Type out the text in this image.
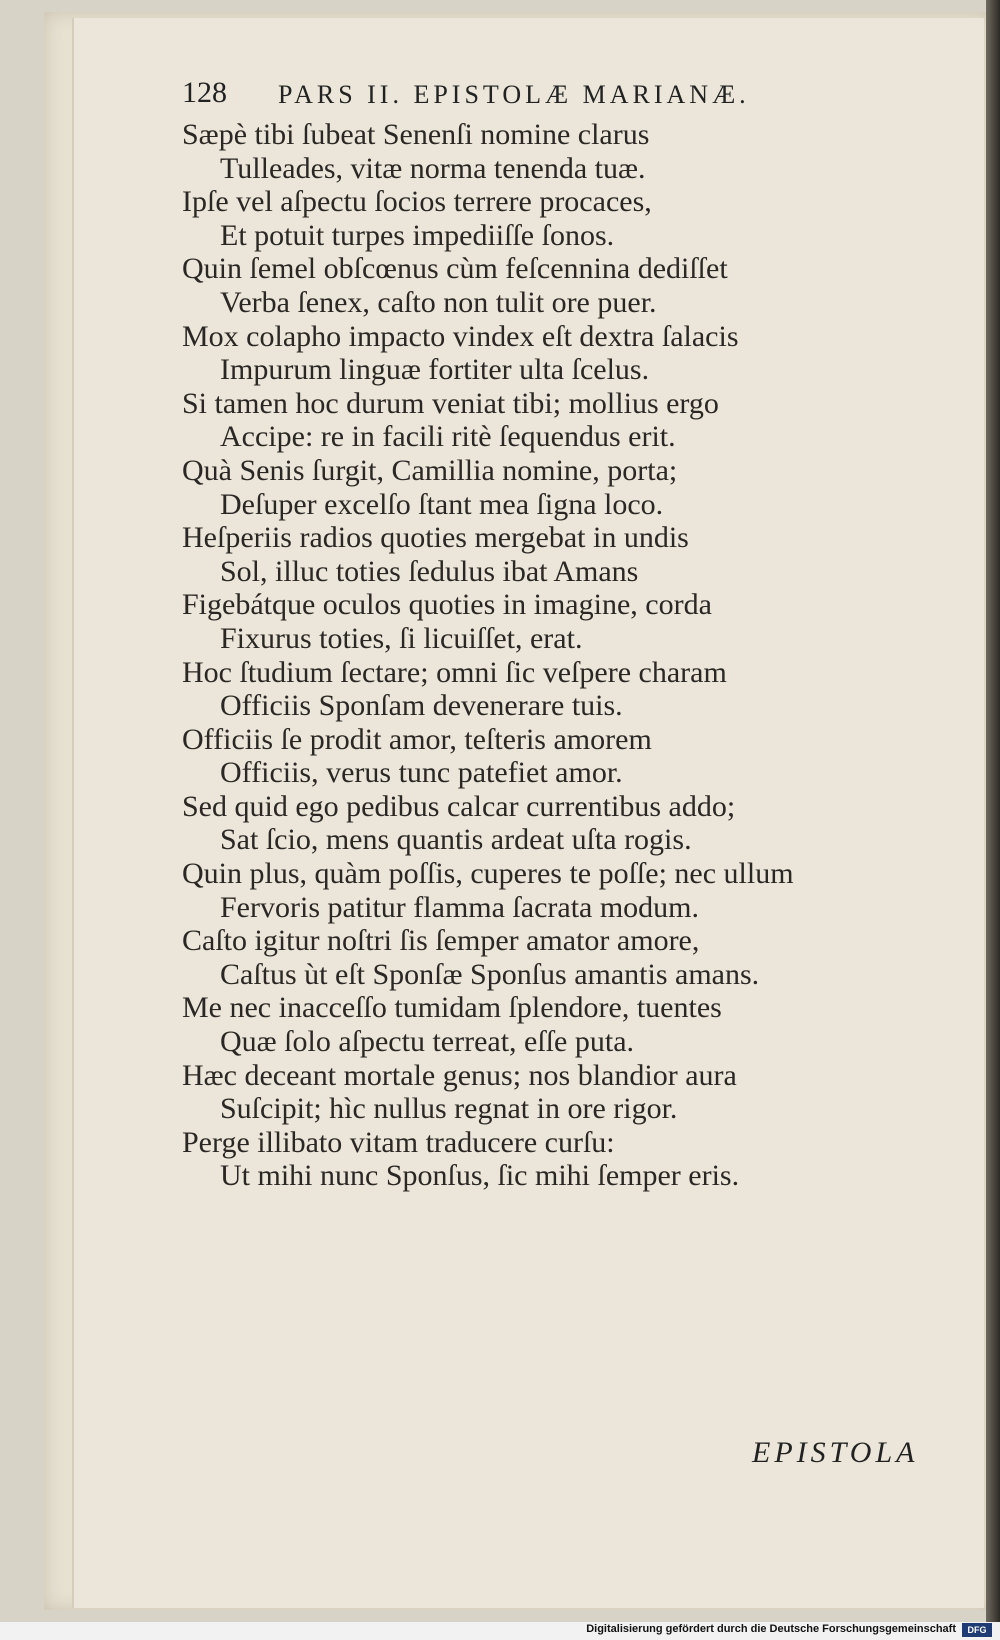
128 PARS II. EPISTOLÆ MARIANÆ.
Sæpè tibi ſubeat Senenſi nomine clarus
Tulleades, vitæ norma tenenda tuæ.
Ipſe vel aſpectu ſocios terrere procaces,
Et potuit turpes impediiſſe ſonos.
Quin ſemel obſcœnus cùm feſcennina dediſſet
Verba ſenex, caſto non tulit ore puer.
Mox colapho impacto vindex eſt dextra ſalacis
Impurum linguæ fortiter ulta ſcelus.
Si tamen hoc durum veniat tibi; mollius ergo
Accipe: re in facili ritè ſequendus erit.
Quà Senis ſurgit, Camillia nomine, porta;
Deſuper excelſo ſtant mea ſigna loco.
Heſperiis radios quoties mergebat in undis
Sol, illuc toties ſedulus ibat Amans
Figebátque oculos quoties in imagine, corda
Fixurus toties, ſi licuiſſet, erat.
Hoc ſtudium ſectare; omni ſic veſpere charam
Officiis Sponſam devenerare tuis.
Officiis ſe prodit amor, teſteris amorem
Officiis, verus tunc patefiet amor.
Sed quid ego pedibus calcar currentibus addo;
Sat ſcio, mens quantis ardeat uſta rogis.
Quin plus, quàm poſſis, cuperes te poſſe; nec ullum
Fervoris patitur flamma ſacrata modum.
Caſto igitur noſtri ſis ſemper amator amore,
Caſtus ùt eſt Sponſæ Sponſus amantis amans.
Me nec inacceſſo tumidam ſplendore, tuentes
Quæ ſolo aſpectu terreat, eſſe puta.
Hæc deceant mortale genus; nos blandior aura
Suſcipit; hìc nullus regnat in ore rigor.
Perge illibato vitam traducere curſu:
Ut mihi nunc Sponſus, ſic mihi ſemper eris.
EPISTOLA
Digitalisierung gefördert durch die Deutsche Forschungsgemeinschaft	DFG
